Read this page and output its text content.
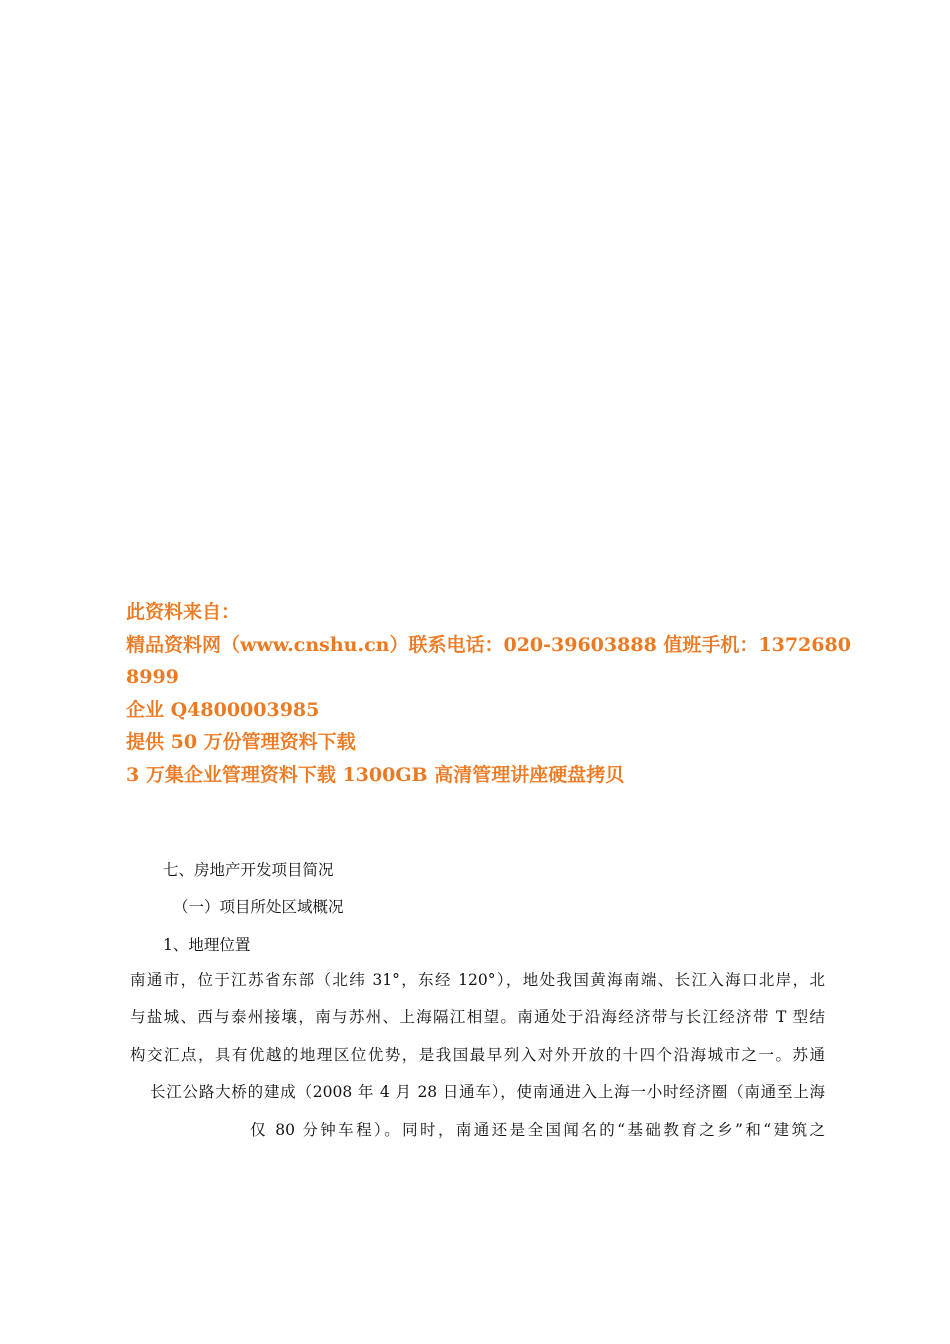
此资料来自：
精品资料网（www.cnshu.cn）联系电话：020-39603888 值班手机：1372680
8999
企业 Q4800003985
提供 50 万份管理资料下载
3 万集企业管理资料下载 1300GB 高清管理讲座硬盘拷贝
七、房地产开发项目简况
（一）项目所处区域概况
1、地理位置
南通市，位于江苏省东部（北纬 31°，东经 120°），地处我国黄海南端、长江入海口北岸，北
与盐城、西与泰州接壤，南与苏州、上海隔江相望。南通处于沿海经济带与长江经济带 T 型结
构交汇点，具有优越的地理区位优势，是我国最早列入对外开放的十四个沿海城市之一。苏通
长江公路大桥的建成（2008 年 4 月 28 日通车），使南通进入上海一小时经济圈（南通至上海
仅 80 分钟车程）。同时，南通还是全国闻名的“基础教育之乡”和“建筑之
